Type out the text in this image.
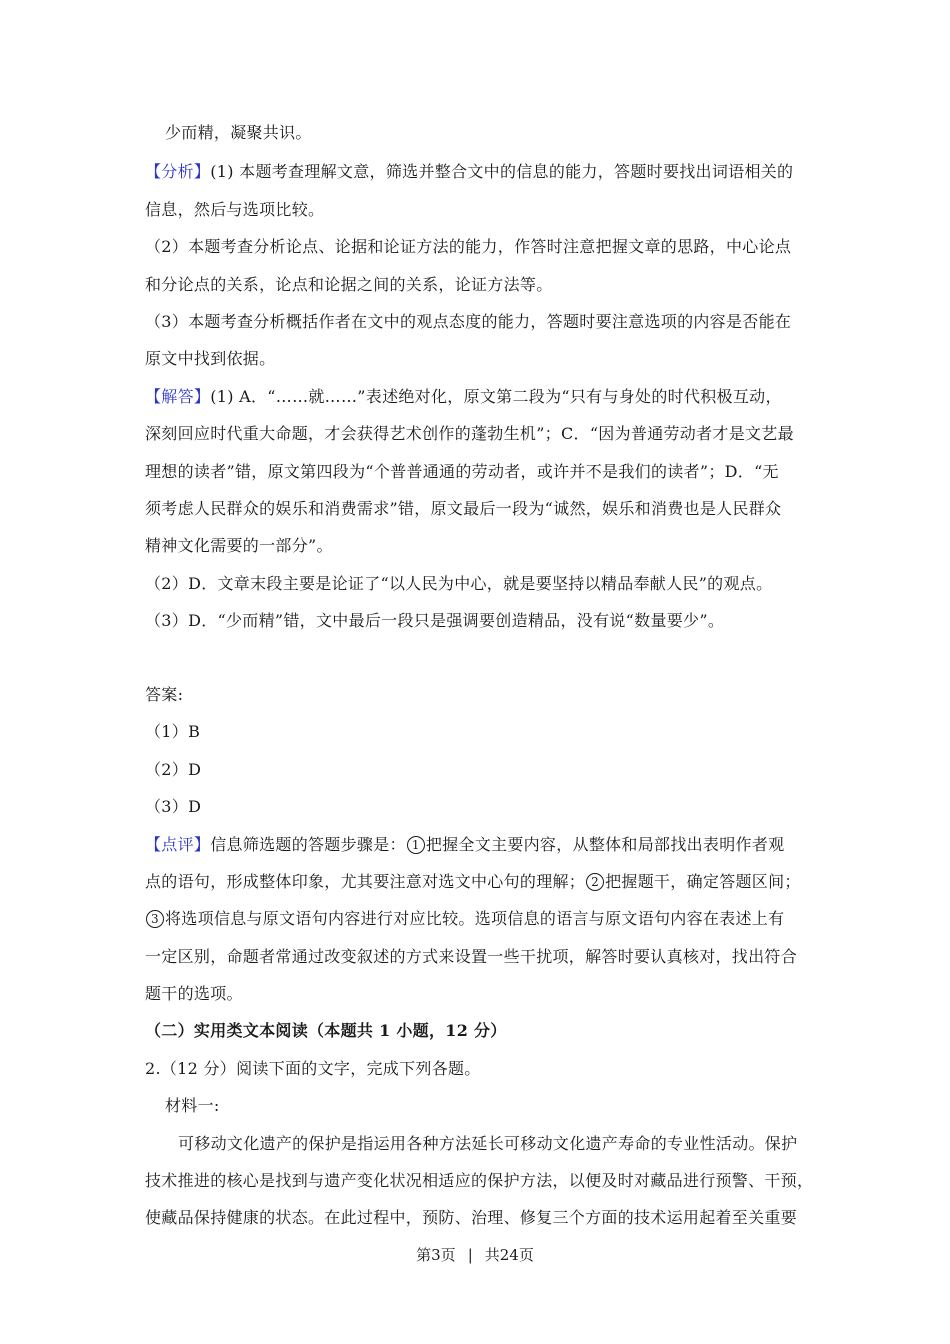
少而精，凝聚共识。
【分析】(1) 本题考查理解文意，筛选并整合文中的信息的能力，答题时要找出词语相关的
信息，然后与选项比较。
（2）本题考查分析论点、论据和论证方法的能力，作答时注意把握文章的思路，中心论点
和分论点的关系，论点和论据之间的关系，论证方法等。
（3）本题考查分析概括作者在文中的观点态度的能力，答题时要注意选项的内容是否能在
原文中找到依据。
【解答】(1) A．“……就……”表述绝对化，原文第二段为“只有与身处的时代积极互动，
深刻回应时代重大命题，才会获得艺术创作的蓬勃生机”；C．“因为普通劳动者才是文艺最
理想的读者”错，原文第四段为“个普普通通的劳动者，或许并不是我们的读者”；D．“无
须考虑人民群众的娱乐和消费需求”错，原文最后一段为“诚然，娱乐和消费也是人民群众
精神文化需要的一部分”。
（2）D．文章末段主要是论证了“以人民为中心，就是要坚持以精品奉献人民”的观点。
（3）D．“少而精”错，文中最后一段只是强调要创造精品，没有说“数量要少”。
答案:
（1）B
（2）D
（3）D
【点评】信息筛选题的答题步骤是： 1 把握全文主要内容，从整体和局部找出表明作者观
点的语句，形成整体印象，尤其要注意对选文中心句的理解； 2 把握题干，确定答题区间；
3 将选项信息与原文语句内容进行对应比较。选项信息的语言与原文语句内容在表述上有
一定区别，命题者常通过改变叙述的方式来设置一些干扰项，解答时要认真核对，找出符合
题干的选项。
（二）实用类文本阅读（本题共 1 小题，12 分）
2.（12 分）阅读下面的文字，完成下列各题。
材料一:
可移动文化遗产的保护是指运用各种方法延长可移动文化遗产寿命的专业性活动。保护
技术推进的核心是找到与遗产变化状况相适应的保护方法，以便及时对藏品进行预警、干预，
使藏品保持健康的状态。在此过程中，预防、治理、修复三个方面的技术运用起着至关重要
第3页 | 共24页
